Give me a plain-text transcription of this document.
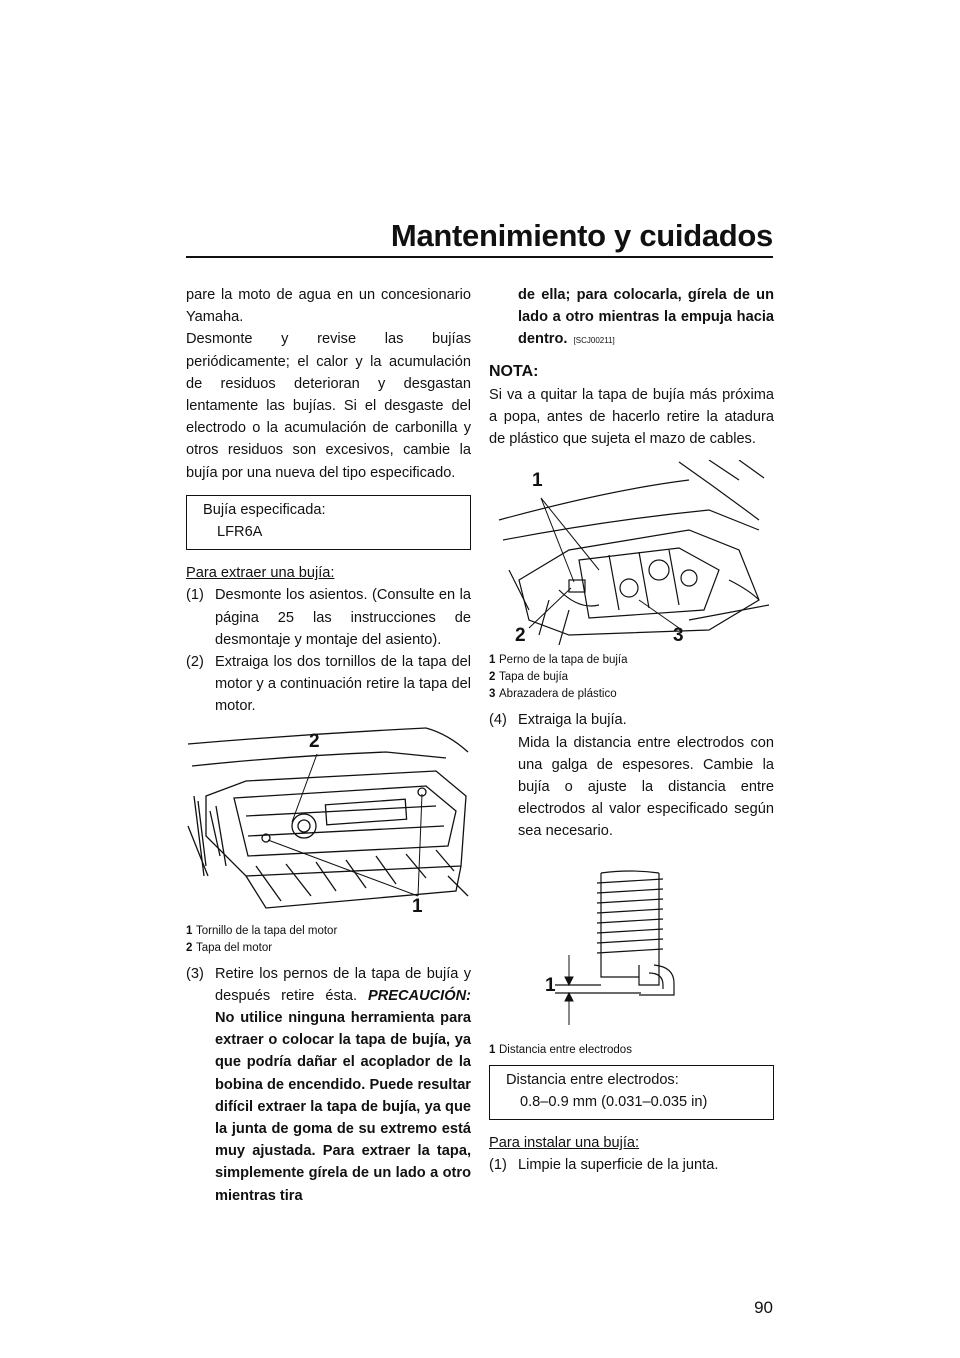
Mantenimiento y cuidados

pare la moto de agua en un concesionario Yamaha.

Desmonte y revise las bujías periódicamente; el calor y la acumulación de residuos deterioran y desgastan lentamente las bujías. Si el desgaste del electrodo o la acumulación de carbonilla y otros residuos son excesivos, cambie la bujía por una nueva del tipo especificado.

Bujía especificada:
LFR6A

Para extraer una bujía:

(1) Desmonte los asientos. (Consulte en la página 25 las instrucciones de desmontaje y montaje del asiento).
(2) Extraiga los dos tornillos de la tapa del motor y a continuación retire la tapa del motor.
2
1
1 Tornillo de la tapa del motor
2 Tapa del motor
(3) Retire los pernos de la tapa de bujía y después retire ésta. PRECAUCIÓN: No utilice ninguna herramienta para extraer o colocar la tapa de bujía, ya que podría dañar el acoplador de la bobina de encendido. Puede resultar difícil extraer la tapa de bujía, ya que la junta de goma de su extremo está muy ajustada. Para extraer la tapa, simplemente gírela de un lado a otro mientras tira

de ella; para colocarla, gírela de un lado a otro mientras la empuja hacia dentro. [SCJ00211]

NOTA:

Si va a quitar la tapa de bujía más próxima a popa, antes de hacerlo retire la atadura de plástico que sujeta el mazo de cables.

1
2	3
1 Perno de la tapa de bujía
2 Tapa de bujía
3 Abrazadera de plástico
(4) Extraiga la bujía.

Mida la distancia entre electrodos con una galga de espesores. Cambie la bujía o ajuste la distancia entre electrodos al valor especificado según sea necesario.

1
1 Distancia entre electrodos
Distancia entre electrodos:
0.8–0.9 mm (0.031–0.035 in)

Para instalar una bujía:

(1) Limpie la superficie de la junta.
90
